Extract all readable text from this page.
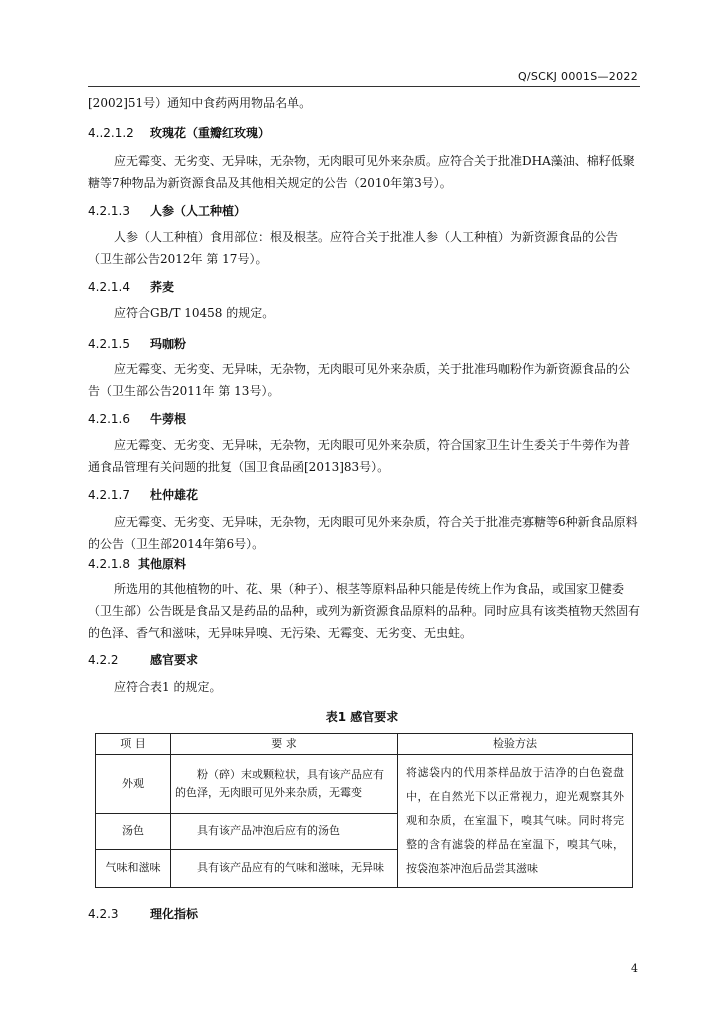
Q/SCKJ 0001S—2022

[2002]51号）通知中食药两用物品名单。

4..2.1.2 玫瑰花（重瓣红玫瑰）

应无霉变、无劣变、无异味，无杂物，无肉眼可见外来杂质。应符合关于批准DHA藻油、棉籽低聚糖等7种物品为新资源食品及其他相关规定的公告（2010年第3号）。

4.2.1.3 人参（人工种植）

人参（人工种植）食用部位：根及根茎。应符合关于批准人参（人工种植）为新资源食品的公告（卫生部公告2012年 第 17号）。

4.2.1.4 荞麦

应符合GB/T 10458 的规定。

4.2.1.5 玛咖粉

应无霉变、无劣变、无异味，无杂物，无肉眼可见外来杂质，关于批准玛咖粉作为新资源食品的公告（卫生部公告2011年 第 13号）。

4.2.1.6 牛蒡根

应无霉变、无劣变、无异味，无杂物，无肉眼可见外来杂质，符合国家卫生计生委关于牛蒡作为普通食品管理有关问题的批复（国卫食品函[2013]83号）。

4.2.1.7 杜仲雄花

应无霉变、无劣变、无异味，无杂物，无肉眼可见外来杂质，符合关于批准壳寡糖等6种新食品原料的公告（卫生部2014年第6号）。

4.2.1.8 其他原料

所选用的其他植物的叶、花、果（种子）、根茎等原料品种只能是传统上作为食品，或国家卫健委（卫生部）公告既是食品又是药品的品种，或列为新资源食品原料的品种。同时应具有该类植物天然固有的色泽、香气和滋味，无异味异嗅、无污染、无霉变、无劣变、无虫蛀。

4.2.2	感官要求

应符合表1 的规定。

表1 感官要求
项 目	要 求	检验方法
外观	粉（碎）末或颗粒状，具有该产品应有的色泽，无肉眼可见外来杂质，无霉变	将滤袋内的代用茶样品放于洁净的白色瓷盘中，在自然光下以正常视力，迎光观察其外观和杂质，在室温下，嗅其气味。同时将完整的含有滤袋的样品在室温下，嗅其气味，按袋泡茶冲泡后品尝其滋味
汤色	具有该产品冲泡后应有的汤色	
气味和滋味	具有该产品应有的气味和滋味，无异味	
4.2.3	理化指标
4
